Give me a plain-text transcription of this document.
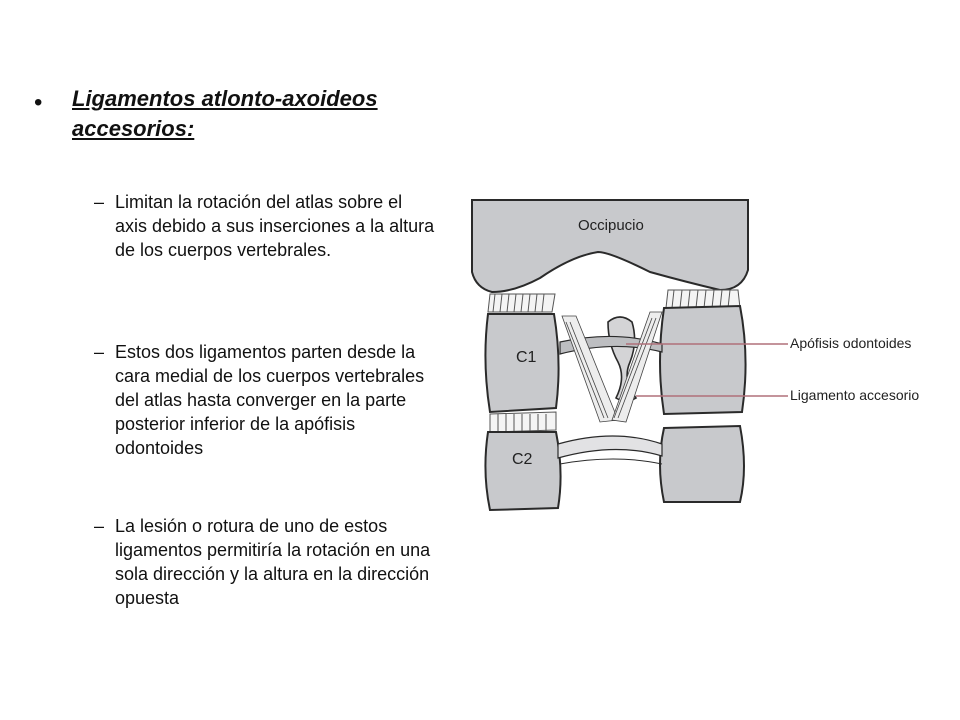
• Ligamentos atlonto-axoideos accesorios:
– Limitan la rotación del atlas sobre el axis debido a sus inserciones a la altura de los cuerpos vertebrales.
– Estos dos ligamentos parten desde la cara medial de los cuerpos vertebrales del atlas hasta converger en la parte posterior inferior de la apófisis odontoides
– La lesión o rotura de uno de estos ligamentos permitiría la rotación en una sola dirección y la altura en la dirección opuesta
Occipucio
C1
C2
Apófisis odontoides
Ligamento accesorio
